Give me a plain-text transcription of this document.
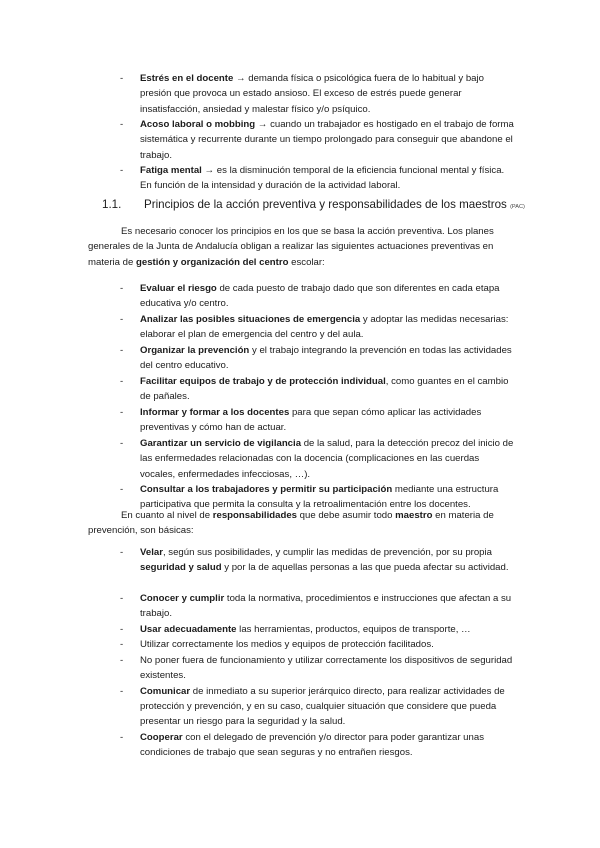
- Estrés en el docente → demanda física o psicológica fuera de lo habitual y bajo presión que provoca un estado ansioso. El exceso de estrés puede generar insatisfacción, ansiedad y malestar físico y/o psíquico.
- Acoso laboral o mobbing → cuando un trabajador es hostigado en el trabajo de forma sistemática y recurrente durante un tiempo prolongado para conseguir que abandone el trabajo.
- Fatiga mental → es la disminución temporal de la eficiencia funcional mental y física. En función de la intensidad y duración de la actividad laboral.
1.1. Principios de la acción preventiva y responsabilidades de los maestros (PAC)

Es necesario conocer los principios en los que se basa la acción preventiva. Los planes generales de la Junta de Andalucía obligan a realizar las siguientes actuaciones preventivas en materia de gestión y organización del centro escolar:

- Evaluar el riesgo de cada puesto de trabajo dado que son diferentes en cada etapa educativa y/o centro.
- Analizar las posibles situaciones de emergencia y adoptar las medidas necesarias: elaborar el plan de emergencia del centro y del aula.
- Organizar la prevención y el trabajo integrando la prevención en todas las actividades del centro educativo.
- Facilitar equipos de trabajo y de protección individual, como guantes en el cambio de pañales.
- Informar y formar a los docentes para que sepan cómo aplicar las actividades preventivas y cómo han de actuar.
- Garantizar un servicio de vigilancia de la salud, para la detección precoz del inicio de las enfermedades relacionadas con la docencia (complicaciones en las cuerdas vocales, enfermedades infecciosas, …).
- Consultar a los trabajadores y permitir su participación mediante una estructura participativa que permita la consulta y la retroalimentación entre los docentes.

En cuanto al nivel de responsabilidades que debe asumir todo maestro en materia de prevención, son básicas:

- Velar, según sus posibilidades, y cumplir las medidas de prevención, por su propia seguridad y salud y por la de aquellas personas a las que pueda afectar su actividad.
- Conocer y cumplir toda la normativa, procedimientos e instrucciones que afectan a su trabajo.
- Usar adecuadamente las herramientas, productos, equipos de transporte, …
- Utilizar correctamente los medios y equipos de protección facilitados.
- No poner fuera de funcionamiento y utilizar correctamente los dispositivos de seguridad existentes.
- Comunicar de inmediato a su superior jerárquico directo, para realizar actividades de protección y prevención, y en su caso, cualquier situación que considere que pueda presentar un riesgo para la seguridad y la salud.
- Cooperar con el delegado de prevención y/o director para poder garantizar unas condiciones de trabajo que sean seguras y no entrañen riesgos.
